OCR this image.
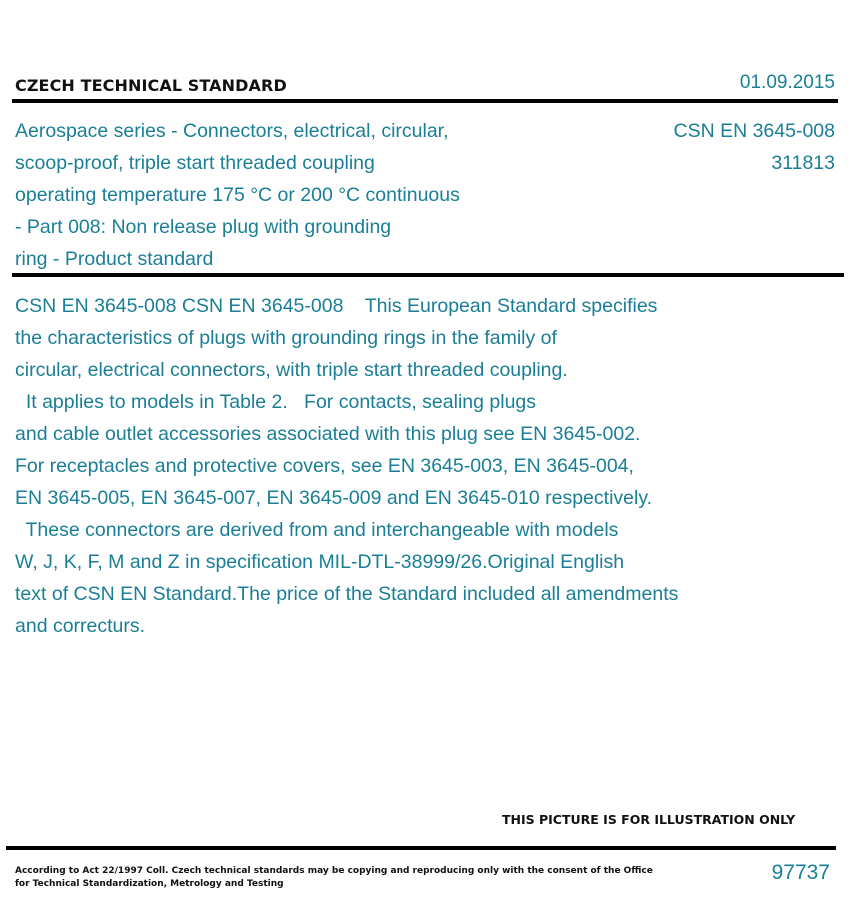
CZECH TECHNICAL STANDARD	01.09.2015
Aerospace series - Connectors, electrical, circular,
scoop-proof, triple start threaded coupling
operating temperature 175 °C or 200 °C continuous
- Part 008: Non release plug with grounding
ring - Product standard
CSN EN 3645-008
311813
CSN EN 3645-008 CSN EN 3645-008    This European Standard specifies
the characteristics of plugs with grounding rings in the family of
circular, electrical connectors, with triple start threaded coupling.
It applies to models in Table 2.   For contacts, sealing plugs
and cable outlet accessories associated with this plug see EN 3645-002.
For receptacles and protective covers, see EN 3645-003, EN 3645-004,
EN 3645-005, EN 3645-007, EN 3645-009 and EN 3645-010 respectively.
These connectors are derived from and interchangeable with models
W, J, K, F, M and Z in specification MIL-DTL-38999/26.Original English
text of CSN EN Standard.The price of the Standard included all amendments
and correcturs.
THIS PICTURE IS FOR ILLUSTRATION ONLY
According to Act 22/1997 Coll. Czech technical standards may be copying and reproducing only with the consent of the Office
for Technical Standardization, Metrology and Testing	97737
